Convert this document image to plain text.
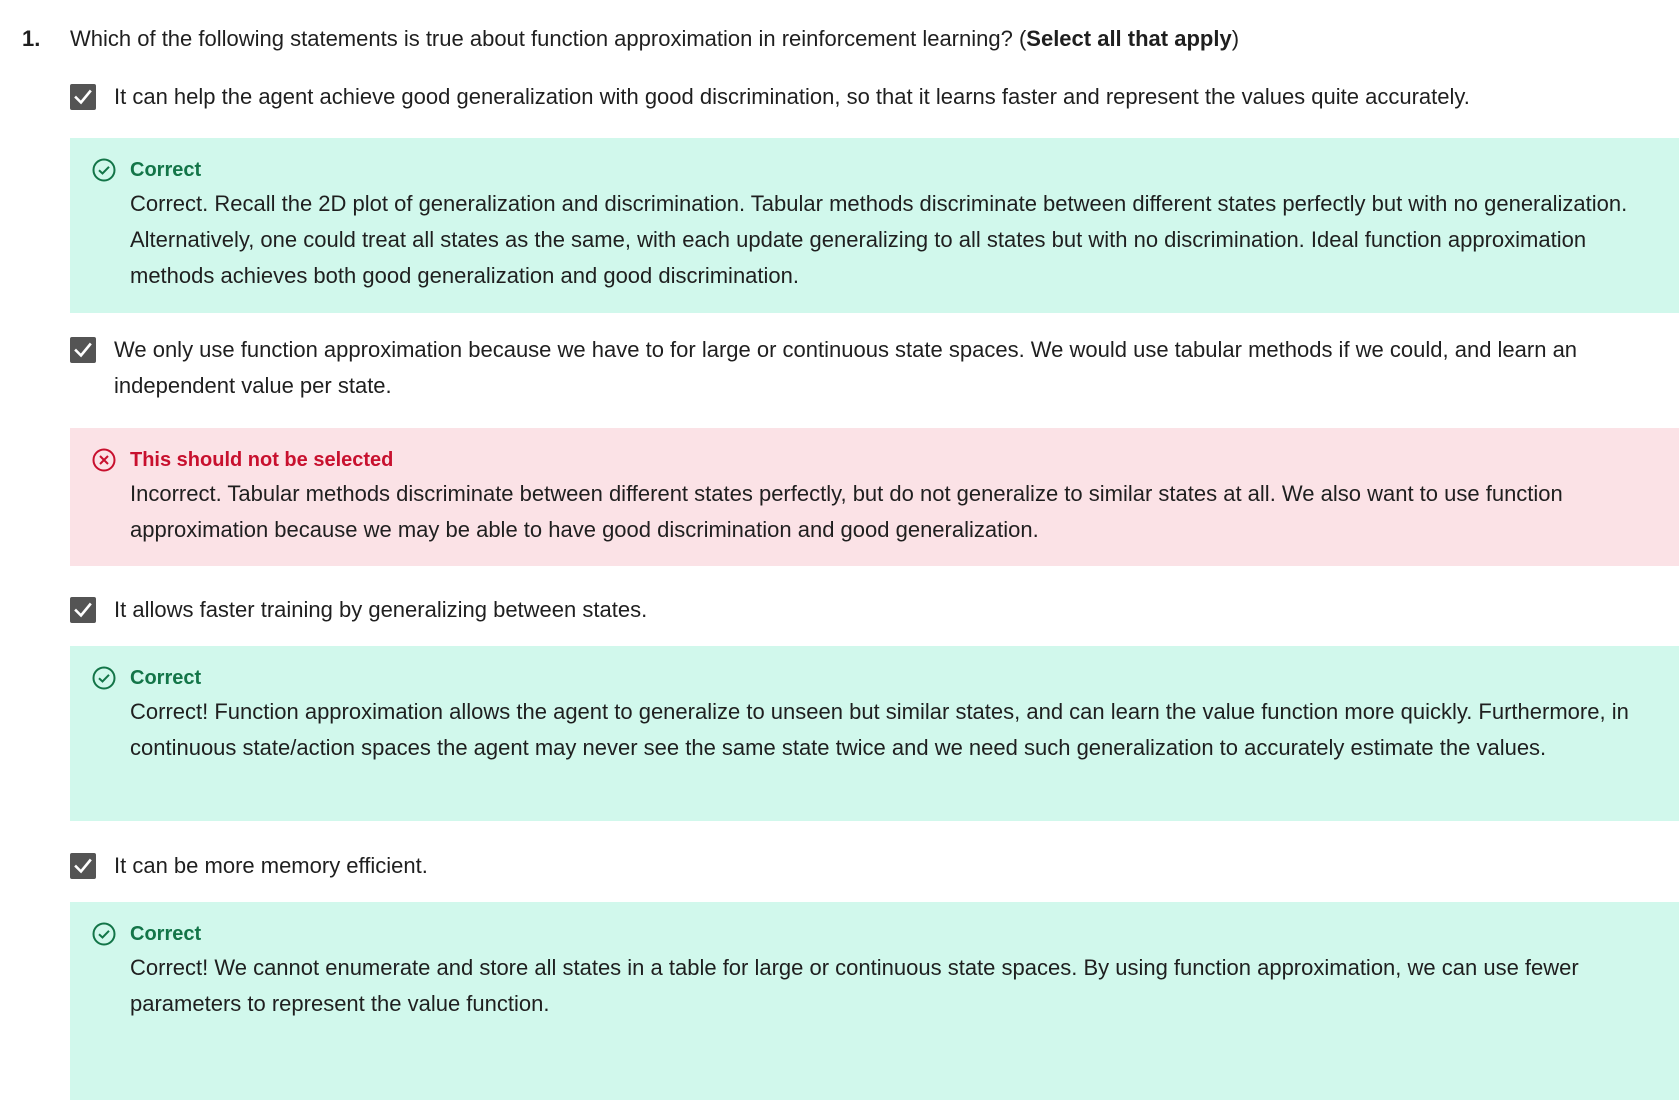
1. Which of the following statements is true about function approximation in reinforcement learning? (Select all that apply)
It can help the agent achieve good generalization with good discrimination, so that it learns faster and represent the values quite accurately.
Correct
Correct. Recall the 2D plot of generalization and discrimination. Tabular methods discriminate between different states perfectly but with no generalization. Alternatively, one could treat all states as the same, with each update generalizing to all states but with no discrimination. Ideal function approximation methods achieves both good generalization and good discrimination.
We only use function approximation because we have to for large or continuous state spaces. We would use tabular methods if we could, and learn an independent value per state.
This should not be selected
Incorrect. Tabular methods discriminate between different states perfectly, but do not generalize to similar states at all. We also want to use function approximation because we may be able to have good discrimination and good generalization.
It allows faster training by generalizing between states.
Correct
Correct! Function approximation allows the agent to generalize to unseen but similar states, and can learn the value function more quickly. Furthermore, in continuous state/action spaces the agent may never see the same state twice and we need such generalization to accurately estimate the values.
It can be more memory efficient.
Correct
Correct! We cannot enumerate and store all states in a table for large or continuous state spaces. By using function approximation, we can use fewer parameters to represent the value function.
